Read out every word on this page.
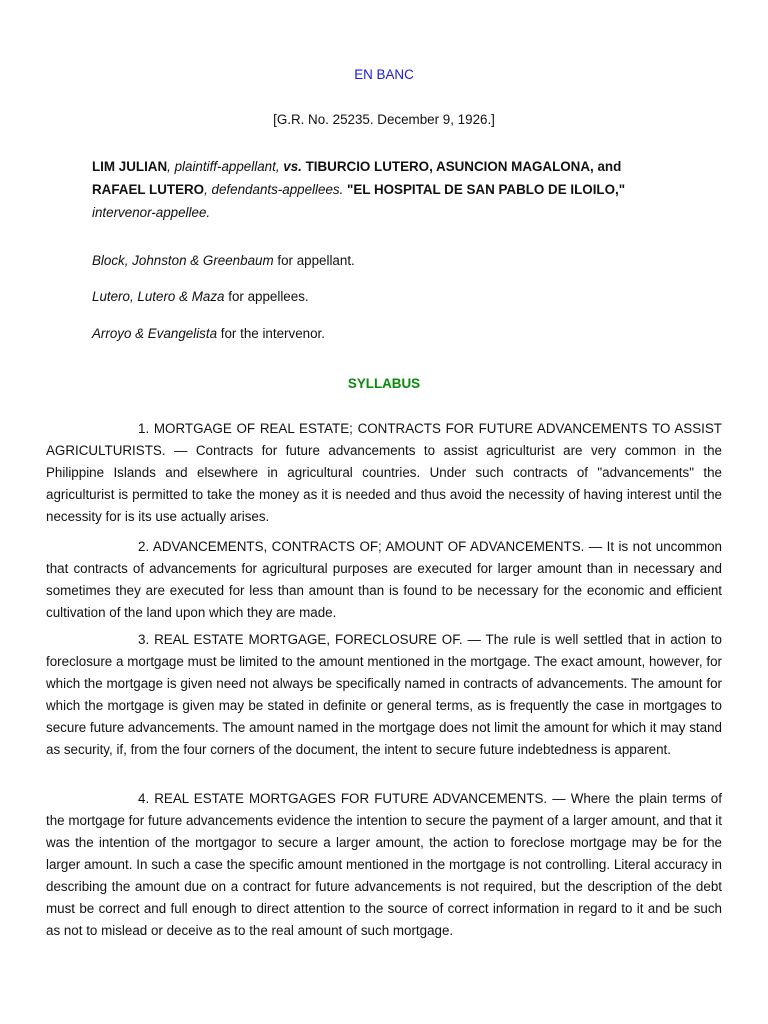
EN BANC
[G.R. No. 25235. December 9, 1926.]
LIM JULIAN, plaintiff-appellant, vs. TIBURCIO LUTERO, ASUNCION MAGALONA, and
RAFAEL LUTERO, defendants-appellees. "EL HOSPITAL DE SAN PABLO DE ILOILO,"
intervenor-appellee.
Block, Johnston & Greenbaum for appellant.
Lutero, Lutero & Maza for appellees.
Arroyo & Evangelista for the intervenor.
SYLLABUS
1. MORTGAGE OF REAL ESTATE; CONTRACTS FOR FUTURE ADVANCEMENTS TO ASSIST AGRICULTURISTS. — Contracts for future advancements to assist agriculturist are very common in the Philippine Islands and elsewhere in agricultural countries. Under such contracts of "advancements" the agriculturist is permitted to take the money as it is needed and thus avoid the necessity of having interest until the necessity for is its use actually arises.
2. ADVANCEMENTS, CONTRACTS OF; AMOUNT OF ADVANCEMENTS. — It is not uncommon that contracts of advancements for agricultural purposes are executed for larger amount than in necessary and sometimes they are executed for less than amount than is found to be necessary for the economic and efficient cultivation of the land upon which they are made.
3. REAL ESTATE MORTGAGE, FORECLOSURE OF. — The rule is well settled that in action to foreclosure a mortgage must be limited to the amount mentioned in the mortgage. The exact amount, however, for which the mortgage is given need not always be specifically named in contracts of advancements. The amount for which the mortgage is given may be stated in definite or general terms, as is frequently the case in mortgages to secure future advancements. The amount named in the mortgage does not limit the amount for which it may stand as security, if, from the four corners of the document, the intent to secure future indebtedness is apparent.
4. REAL ESTATE MORTGAGES FOR FUTURE ADVANCEMENTS. — Where the plain terms of the mortgage for future advancements evidence the intention to secure the payment of a larger amount, and that it was the intention of the mortgagor to secure a larger amount, the action to foreclose mortgage may be for the larger amount. In such a case the specific amount mentioned in the mortgage is not controlling. Literal accuracy in describing the amount due on a contract for future advancements is not required, but the description of the debt must be correct and full enough to direct attention to the source of correct information in regard to it and be such as not to mislead or deceive as to the real amount of such mortgage.
